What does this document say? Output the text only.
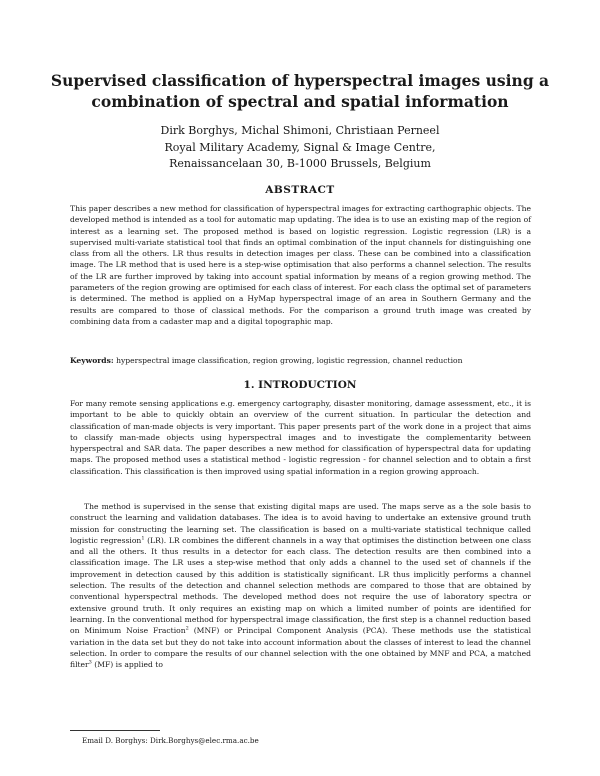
Supervised classification of hyperspectral images using a combination of spectral and spatial information
Dirk Borghys, Michal Shimoni, Christiaan Perneel
Royal Military Academy, Signal & Image Centre,
Renaissancelaan 30, B-1000 Brussels, Belgium
ABSTRACT
This paper describes a new method for classification of hyperspectral images for extracting carthographic objects. The developed method is intended as a tool for automatic map updating. The idea is to use an existing map of the region of interest as a learning set. The proposed method is based on logistic regression. Logistic regression (LR) is a supervised multi-variate statistical tool that finds an optimal combination of the input channels for distinguishing one class from all the others. LR thus results in detection images per class. These can be combined into a classification image. The LR method that is used here is a step-wise optimisation that also performs a channel selection. The results of the LR are further improved by taking into account spatial information by means of a region growing method. The parameters of the region growing are optimised for each class of interest. For each class the optimal set of parameters is determined. The method is applied on a HyMap hyperspectral image of an area in Southern Germany and the results are compared to those of classical methods. For the comparison a ground truth image was created by combining data from a cadaster map and a digital topographic map.
Keywords: hyperspectral image classification, region growing, logistic regression, channel reduction
1. INTRODUCTION
For many remote sensing applications e.g. emergency cartography, disaster monitoring, damage assessment, etc., it is important to be able to quickly obtain an overview of the current situation. In particular the detection and classification of man-made objects is very important. This paper presents part of the work done in a project that aims to classify man-made objects using hyperspectral images and to investigate the complementarity between hyperspectral and SAR data. The paper describes a new method for classification of hyperspectral data for updating maps. The proposed method uses a statistical method - logistic regression - for channel selection and to obtain a first classification. This classification is then improved using spatial information in a region growing approach.
The method is supervised in the sense that existing digital maps are used. The maps serve as a the sole basis to construct the learning and validation databases. The idea is to avoid having to undertake an extensive ground truth mission for constructing the learning set. The classification is based on a multi-variate statistical technique called logistic regression$^1$ (LR). LR combines the different channels in a way that optimises the distinction between one class and all the others. It thus results in a detector for each class. The detection results are then combined into a classification image. The LR uses a step-wise method that only adds a channel to the used set of channels if the improvement in detection caused by this addition is statistically significant. LR thus implicitly performs a channel selection. The results of the detection and channel selection methods are compared to those that are obtained by conventional hyperspectral methods. The developed method does not require the use of laboratory spectra or extensive ground truth. It only requires an existing map on which a limited number of points are identified for learning. In the conventional method for hyperspectral image classification, the first step is a channel reduction based on Minimum Noise Fraction$^2$ (MNF) or Principal Component Analysis (PCA). These methods use the statistical variation in the data set but they do not take into account information about the classes of interest to lead the channel selection. In order to compare the results of our channel selection with the one obtained by MNF and PCA, a matched filter$^3$ (MF) is applied to
Email D. Borghys: Dirk.Borghys@elec.rma.ac.be
